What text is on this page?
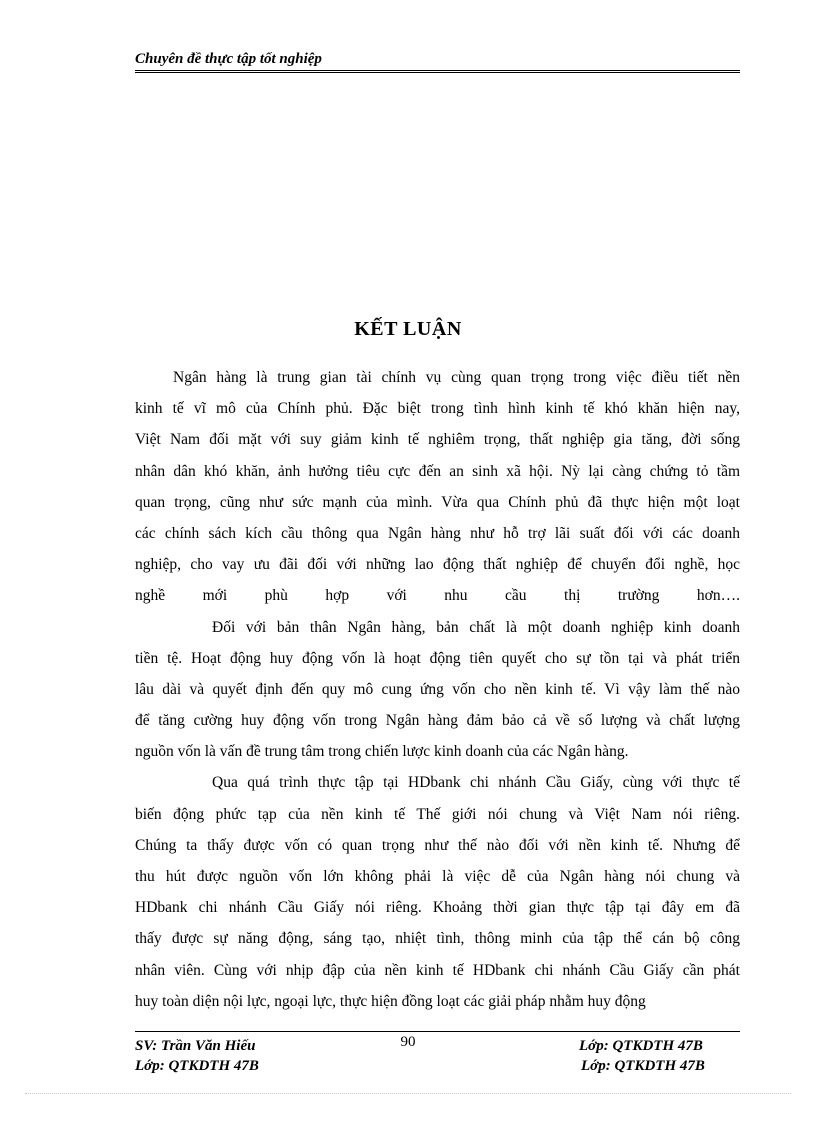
Chuyên đề thực tập tốt nghiệp
KẾT LUẬN
Ngân hàng là trung gian tài chính vụ cùng quan trọng trong việc điều tiết nền
kinh tế vĩ mô của Chính phủ. Đặc biệt trong tình hình kinh tế khó khăn hiện nay,
Việt Nam đối mặt với suy giảm kinh tế nghiêm trọng, thất nghiệp gia tăng, đời sống
nhân dân khó khăn, ảnh hưởng tiêu cực đến an sinh xã hội. Nỳ lại càng chứng tỏ tầm
quan trọng, cũng như sức mạnh của mình. Vừa qua Chính phủ đã thực hiện một loạt
các chính sách kích cầu thông qua Ngân hàng như hỗ trợ lãi suất đối với các doanh
nghiệp, cho vay ưu đãi đối với những lao động thất nghiệp để chuyển đổi nghề, học
nghề mới phù hợp với nhu cầu thị trường hơn….
Đối với bản thân Ngân hàng, bản chất là một doanh nghiệp kinh doanh
tiền tệ. Hoạt động huy động vốn là hoạt động tiên quyết cho sự tồn tại và phát triển
lâu dài và quyết định đến quy mô cung ứng vốn cho nền kinh tế. Vì vậy làm thế nào
để tăng cường huy động vốn trong Ngân hàng đảm bảo cả về số lượng và chất lượng
nguồn vốn là vấn đề trung tâm trong chiến lược kinh doanh của các Ngân hàng.
Qua quá trình thực tập tại HDbank chi nhánh Cầu Giấy, cùng với thực tế
biến động phức tạp của nền kinh tế Thế giới nói chung và Việt Nam nói riêng.
Chúng ta thấy được vốn có quan trọng như thế nào đối với nền kinh tế. Nhưng để
thu hút được nguồn vốn lớn không phải là việc dễ của Ngân hàng nói chung và
HDbank chi nhánh Cầu Giấy nói riêng. Khoảng thời gian thực tập tại đây em đã
thấy được sự năng động, sáng tạo, nhiệt tình, thông minh của tập thể cán bộ công
nhân viên. Cùng với nhịp đập của nền kinh tế HDbank chi nhánh Cầu Giấy cần phát
huy toàn diện nội lực, ngoại lực, thực hiện đồng loạt các giải pháp nhằm huy động
90
SV: Trần Văn Hiếu	Lớp: QTKDTH 47B
Lớp: QTKDTH 47B	Lớp: QTKDTH 47B
